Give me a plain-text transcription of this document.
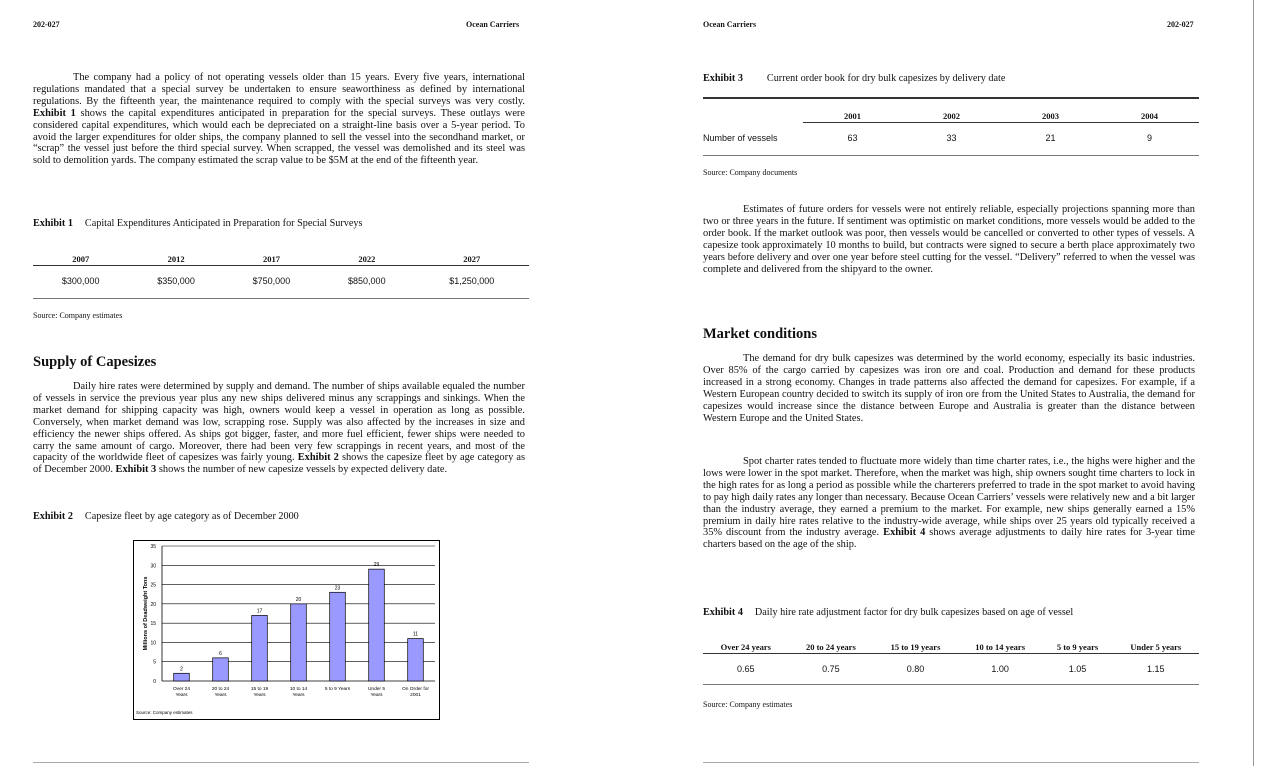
202-027	Ocean Carriers

The company had a policy of not operating vessels older than 15 years. Every five years, international regulations mandated that a special survey be undertaken to ensure seaworthiness as defined by international regulations. By the fifteenth year, the maintenance required to comply with the special surveys was very costly. Exhibit 1 shows the capital expenditures anticipated in preparation for the special surveys. These outlays were considered capital expenditures, which would each be depreciated on a straight-line basis over a 5-year period. To avoid the larger expenditures for older ships, the company planned to sell the vessel into the secondhand market, or “scrap” the vessel just before the third special survey. When scrapped, the vessel was demolished and its steel was sold to demolition yards. The company estimated the scrap value to be $5M at the end of the fifteenth year.

Exhibit 1 Capital Expenditures Anticipated in Preparation for Special Surveys
2007	2012	2017	2022	2027
$300,000	$350,000	$750,000	$850,000	$1,250,000
Source: Company estimates
Supply of Capesizes

Daily hire rates were determined by supply and demand. The number of ships available equaled the number of vessels in service the previous year plus any new ships delivered minus any scrappings and sinkings. When the market demand for shipping capacity was high, owners would keep a vessel in operation as long as possible. Conversely, when market demand was low, scrapping rose. Supply was also affected by the increases in size and efficiency the newer ships offered. As ships got bigger, faster, and more fuel efficient, fewer ships were needed to carry the same amount of cargo. Moreover, there had been very few scrappings in recent years, and most of the capacity of the worldwide fleet of capesizes was fairly young. Exhibit 2 shows the capesize fleet by age category as of December 2000. Exhibit 3 shows the number of new capesize vessels by expected delivery date.

Exhibit 2 Capesize fleet by age category as of December 2000
0
5
10
15
20
25
30
35
Millions of Deadweight Tons
2
Over 24
Years
6
20 to 24
Years
17
15 to 19
Years
20
10 to 14
Years
23
5 to 9 Years
29
Under 5
Years
11
On Order for
2001
Source: Company estimates
Ocean Carriers	202-027
Exhibit 3 Current order book for dry bulk capesizes by delivery date
	2001	2002	2003	2004
Number of vessels	63	33	21	9
Source: Company documents

Estimates of future orders for vessels were not entirely reliable, especially projections spanning more than two or three years in the future. If sentiment was optimistic on market conditions, more vessels would be added to the order book. If the market outlook was poor, then vessels would be cancelled or converted to other types of vessels. A capesize took approximately 10 months to build, but contracts were signed to secure a berth place approximately two years before delivery and over one year before steel cutting for the vessel. “Delivery” referred to when the vessel was complete and delivered from the shipyard to the owner.

Market conditions

The demand for dry bulk capesizes was determined by the world economy, especially its basic industries. Over 85% of the cargo carried by capesizes was iron ore and coal. Production and demand for these products increased in a strong economy. Changes in trade patterns also affected the demand for capesizes. For example, if a Western European country decided to switch its supply of iron ore from the United States to Australia, the demand for capesizes would increase since the distance between Europe and Australia is greater than the distance between Western Europe and the United States.

Spot charter rates tended to fluctuate more widely than time charter rates, i.e., the highs were higher and the lows were lower in the spot market. Therefore, when the market was high, ship owners sought time charters to lock in the high rates for as long a period as possible while the charterers preferred to trade in the spot market to avoid having to pay high daily rates any longer than necessary. Because Ocean Carriers’ vessels were relatively new and a bit larger than the industry average, they earned a premium to the market. For example, new ships generally earned a 15% premium in daily hire rates relative to the industry-wide average, while ships over 25 years old typically received a 35% discount from the industry average. Exhibit 4 shows average adjustments to daily hire rates for 3-year time charters based on the age of the ship.

Exhibit 4 Daily hire rate adjustment factor for dry bulk capesizes based on age of vessel
Over 24 years	20 to 24 years	15 to 19 years	10 to 14 years	5 to 9 years	Under 5 years
0.65	0.75	0.80	1.00	1.05	1.15
Source: Company estimates
